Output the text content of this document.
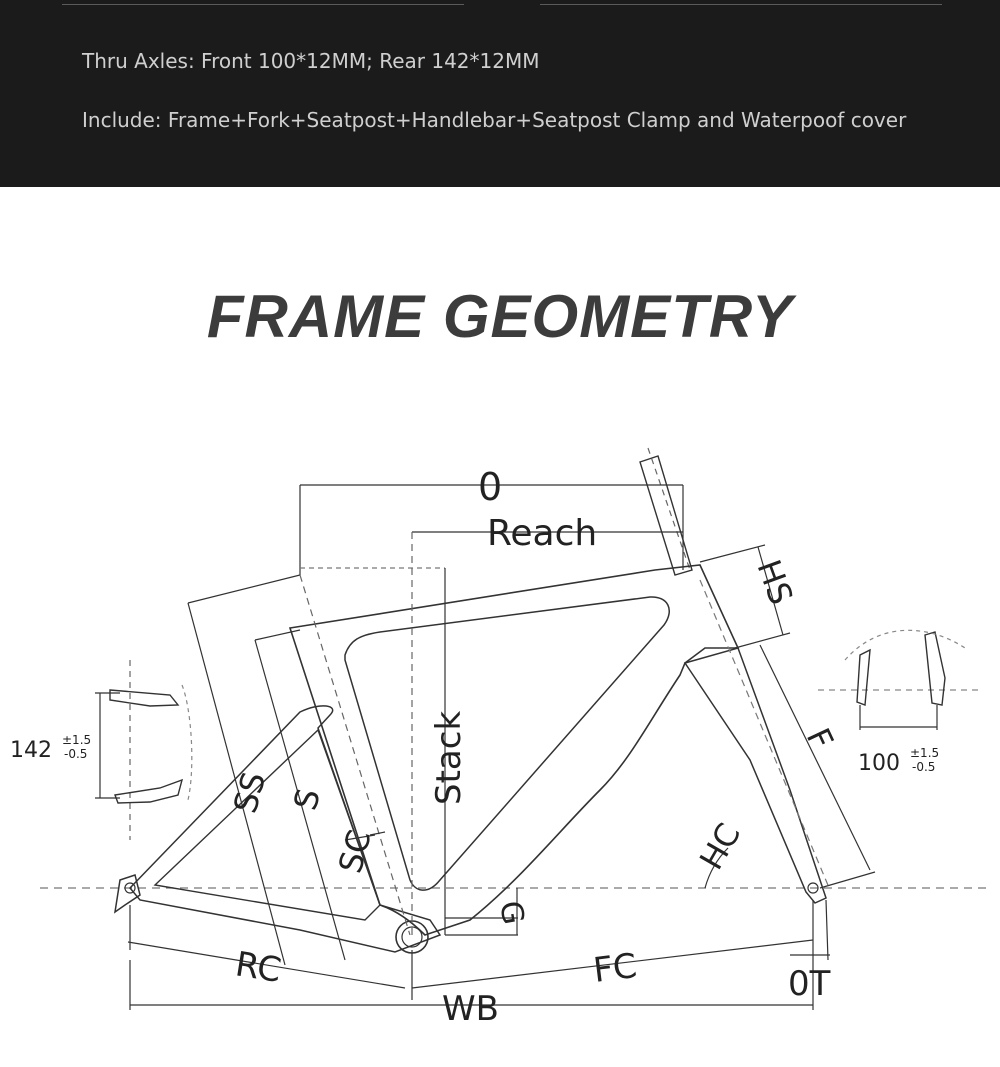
Thru Axles: Front 100*12MM; Rear 142*12MM
Include: Frame+Fork+Seatpost+Handlebar+Seatpost Clamp and Waterpoof cover
FRAME GEOMETRY
0
Reach
Stack
HS
F
SS S
SC	HC
G
RC	FC	0T
WB
142 ±1.5
-0.5	100 ±1.5
-0.5
